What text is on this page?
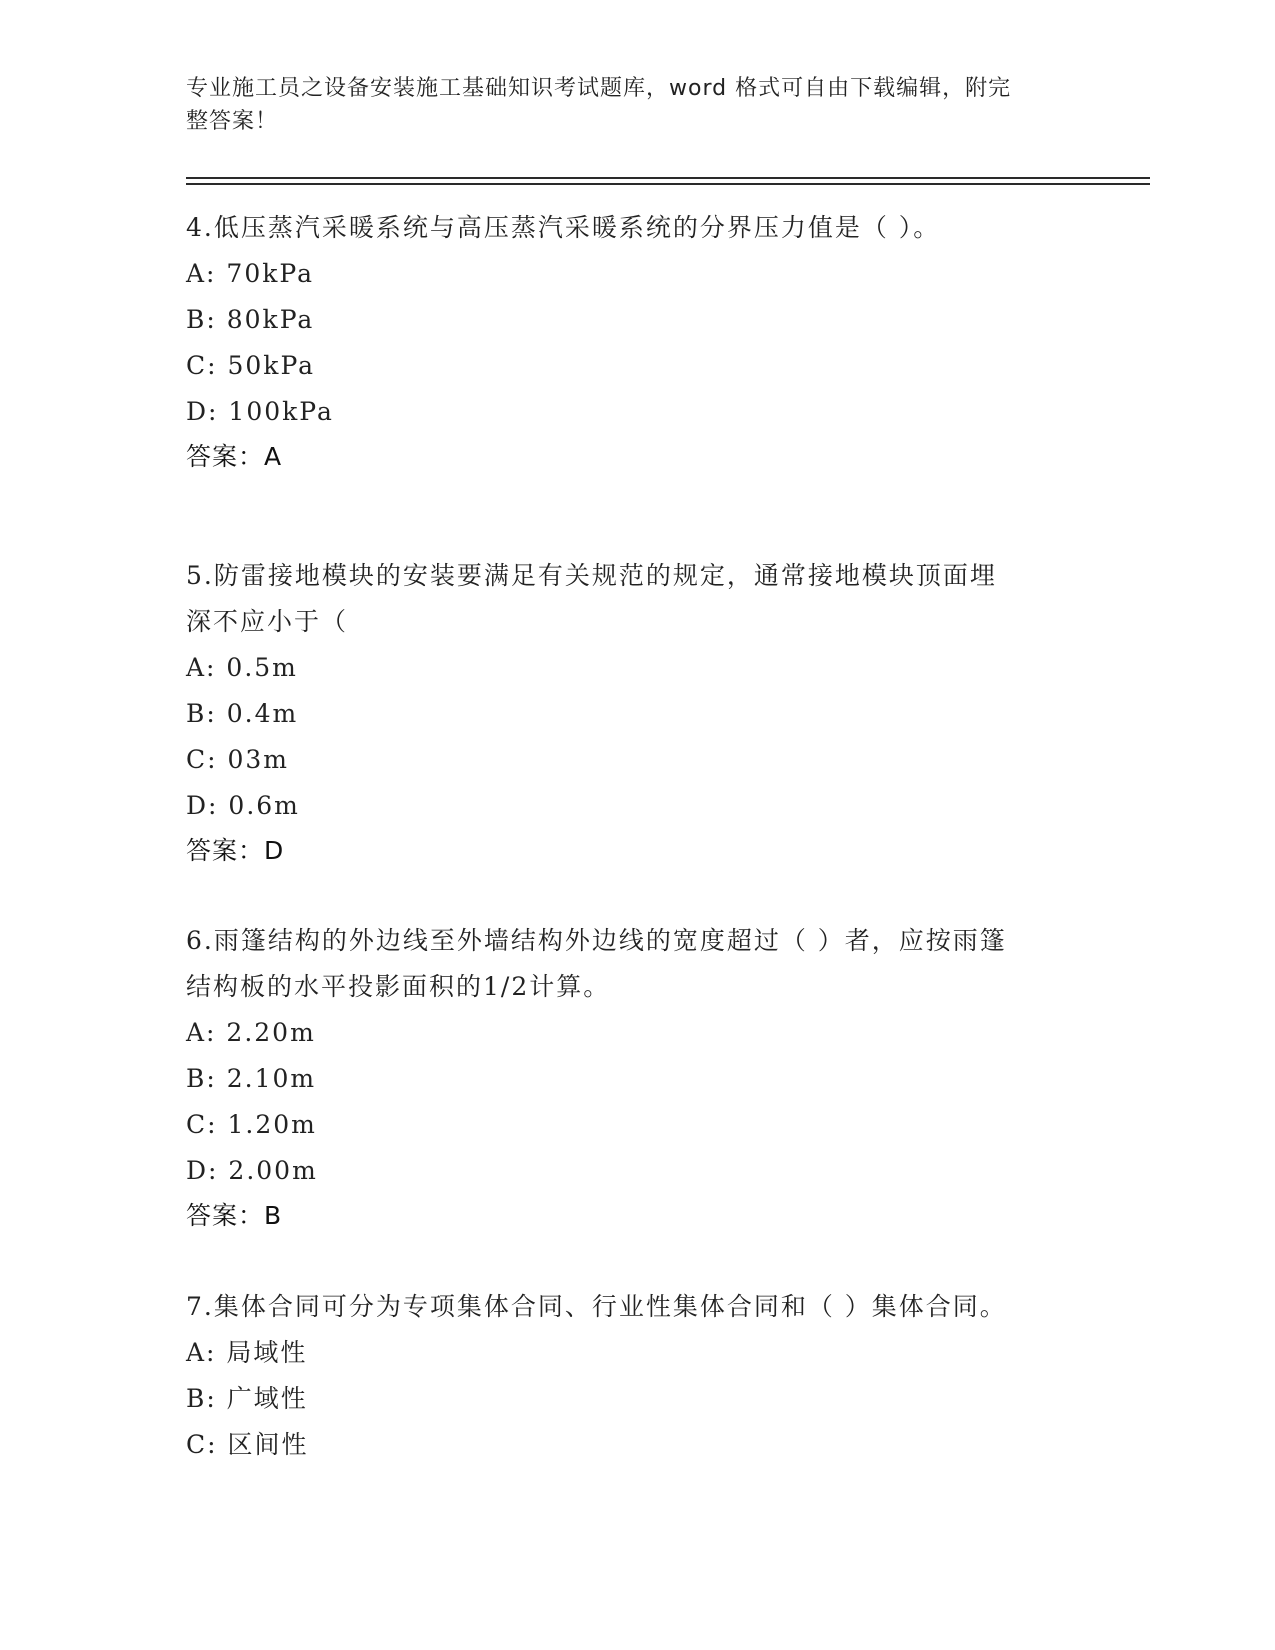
专业施工员之设备安装施工基础知识考试题库，word 格式可自由下载编辑，附完
整答案！

4.低压蒸汽采暖系统与高压蒸汽采暖系统的分界压力值是（ ）。

A: 70kPa

B: 80kPa

C: 50kPa

D: 100kPa

答案：A

5.防雷接地模块的安装要满足有关规范的规定，通常接地模块顶面埋

深不应小于（

A: 0.5m

B: 0.4m

C: 03m

D: 0.6m

答案：D

6.雨篷结构的外边线至外墙结构外边线的宽度超过（ ）者，应按雨篷

结构板的水平投影面积的1/2计算。

A: 2.20m

B: 2.10m

C: 1.20m

D: 2.00m

答案：B

7.集体合同可分为专项集体合同、行业性集体合同和（ ）集体合同。

A: 局域性

B: 广域性

C: 区间性
